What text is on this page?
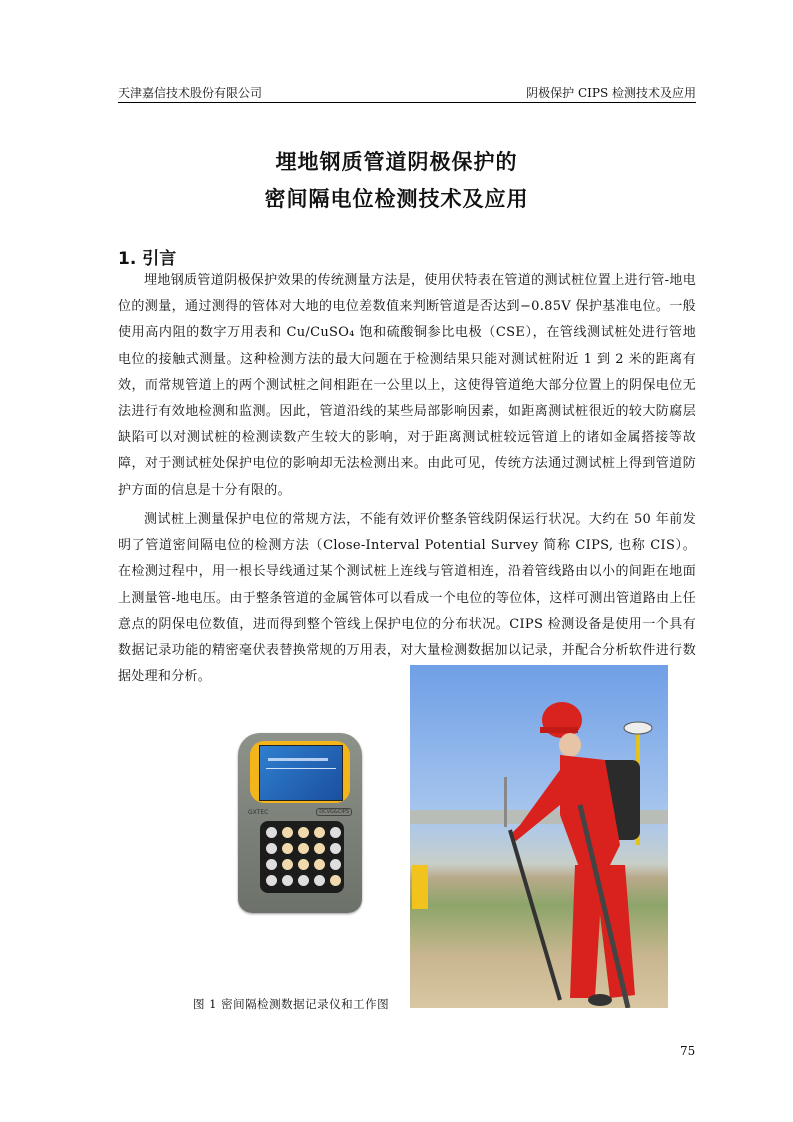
天津嘉信技术股份有限公司	阴极保护 CIPS 检测技术及应用
埋地钢质管道阴极保护的
密间隔电位检测技术及应用
1. 引言
埋地钢质管道阴极保护效果的传统测量方法是，使用伏特表在管道的测试桩位置上进行管-地电位的测量，通过测得的管体对大地的电位差数值来判断管道是否达到−0.85V 保护基准电位。一般使用高内阻的数字万用表和 Cu/CuSO₄ 饱和硫酸铜参比电极（CSE），在管线测试桩处进行管地电位的接触式测量。这种检测方法的最大问题在于检测结果只能对测试桩附近 1 到 2 米的距离有效，而常规管道上的两个测试桩之间相距在一公里以上，这使得管道绝大部分位置上的阴保电位无法进行有效地检测和监测。因此，管道沿线的某些局部影响因素，如距离测试桩很近的较大防腐层缺陷可以对测试桩的检测读数产生较大的影响，对于距离测试桩较远管道上的诸如金属搭接等故障，对于测试桩处保护电位的影响却无法检测出来。由此可见，传统方法通过测试桩上得到管道防护方面的信息是十分有限的。
测试桩上测量保护电位的常规方法，不能有效评价整条管线阴保运行状况。大约在 50 年前发明了管道密间隔电位的检测方法（Close-Interval Potential Survey 简称 CIPS, 也称 CIS）。在检测过程中，用一根长导线通过某个测试桩上连线与管道相连，沿着管线路由以小的间距在地面上测量管-地电压。由于整条管道的金属管体可以看成一个电位的等位体，这样可测出管道路由上任意点的阴保电位数值，进而得到整个管线上保护电位的分布状况。CIPS 检测设备是使用一个具有数据记录功能的精密毫伏表替换常规的万用表，对大量检测数据加以记录，并配合分析软件进行数据处理和分析。
GXTEC	DCVG&CIPS
图 1 密间隔检测数据记录仪和工作图
75
